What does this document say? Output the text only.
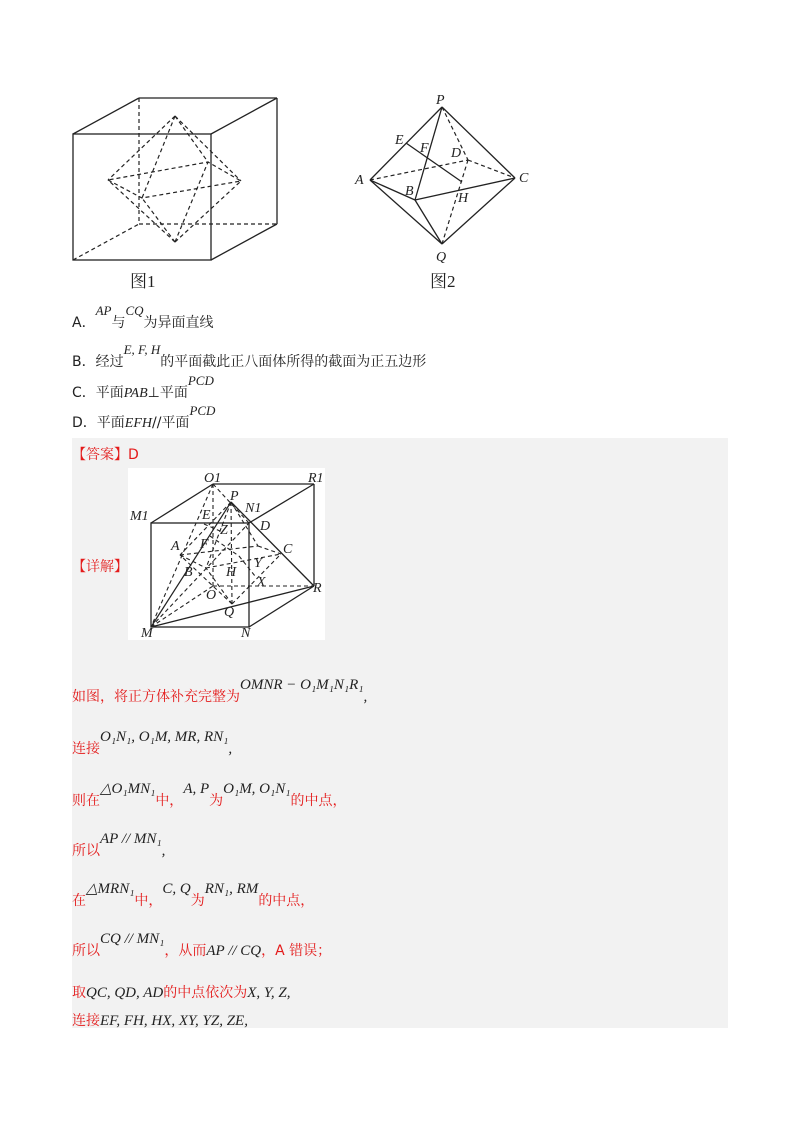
图1
P
E
F D
A
B
C
H
Q
图2
A．AP与CQ为异面直线
B．经过E, F, H的平面截此正八面体所得的截面为正五边形
C．平面PAB⊥平面PCD
D．平面EFH//平面PCD
【答案】D
【详解】
O1	R1
M1
P
N1
E
Z D
A F	C
B H
Y
O
X	R
Q
M	N
如图，将正方体补充完整为OMNR − O₁M₁N₁R₁,
连接O₁N₁, O₁M, MR, RN₁,
则在△O₁MN₁中，A, P为O₁M, O₁N₁的中点，
所以AP // MN₁,
在△MRN₁中，C, Q为RN₁, RM的中点，
所以CQ // MN₁，从而AP // CQ，A 错误；
取QC, QD, AD的中点依次为X, Y, Z,
连接EF, FH, HX, XY, YZ, ZE,
